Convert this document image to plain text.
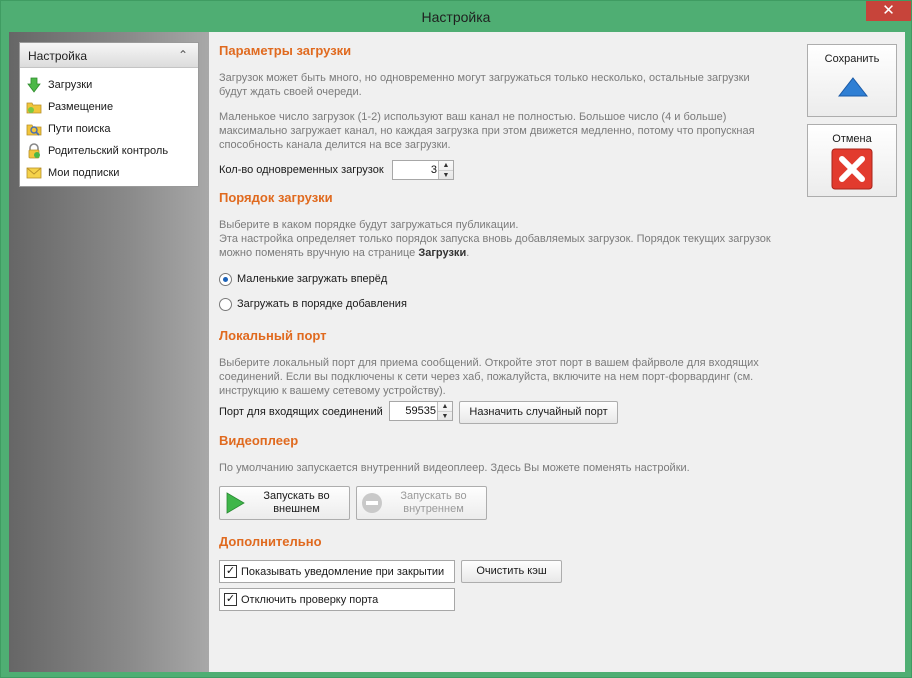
Настройка	✕
Настройка	⌃
Загрузки
Размещение
Пути поиска
Родительский контроль
Мои подписки
Параметры загрузки
Загрузок может быть много, но одновременно могут загружаться только несколько, остальные загрузки будут ждать своей очереди.
Маленькое число загрузок (1-2) используют ваш канал не полностью. Большое число (4 и больше) максимально загружает канал, но каждая загрузка при этом движется медленно, потому что пропускная способность канала делится на все загрузки.
Кол-во одновременных загрузок	3 ▲
▼
Порядок загрузки
Выберите в каком порядке будут загружаться публикации.
Эта настройка определяет только порядок запуска вновь добавляемых загрузок. Порядок текущих загрузок можно поменять вручную на странице Загрузки.
Маленькие загружать вперёд
Загружать в порядке добавления
Локальный порт
Выберите локальный порт для приема сообщений. Откройте этот порт в вашем файрволе для входящих соединений. Если вы подключены к сети через хаб, пожалуйста, включите на нем порт-форвардинг (см. инструкцию к вашему сетевому устройству).
Порт для входящих соединений 59535 ▲
▼	Назначить случайный порт
Видеоплеер
По умолчанию запускается внутренний видеоплеер. Здесь Вы можете поменять настройки.
Запускать во внешнем
Запускать во внутреннем
Дополнительно
✓ Показывать уведомление при закрытии	Очистить кэш
✓ Отключить проверку порта
Сохранить
Отмена
